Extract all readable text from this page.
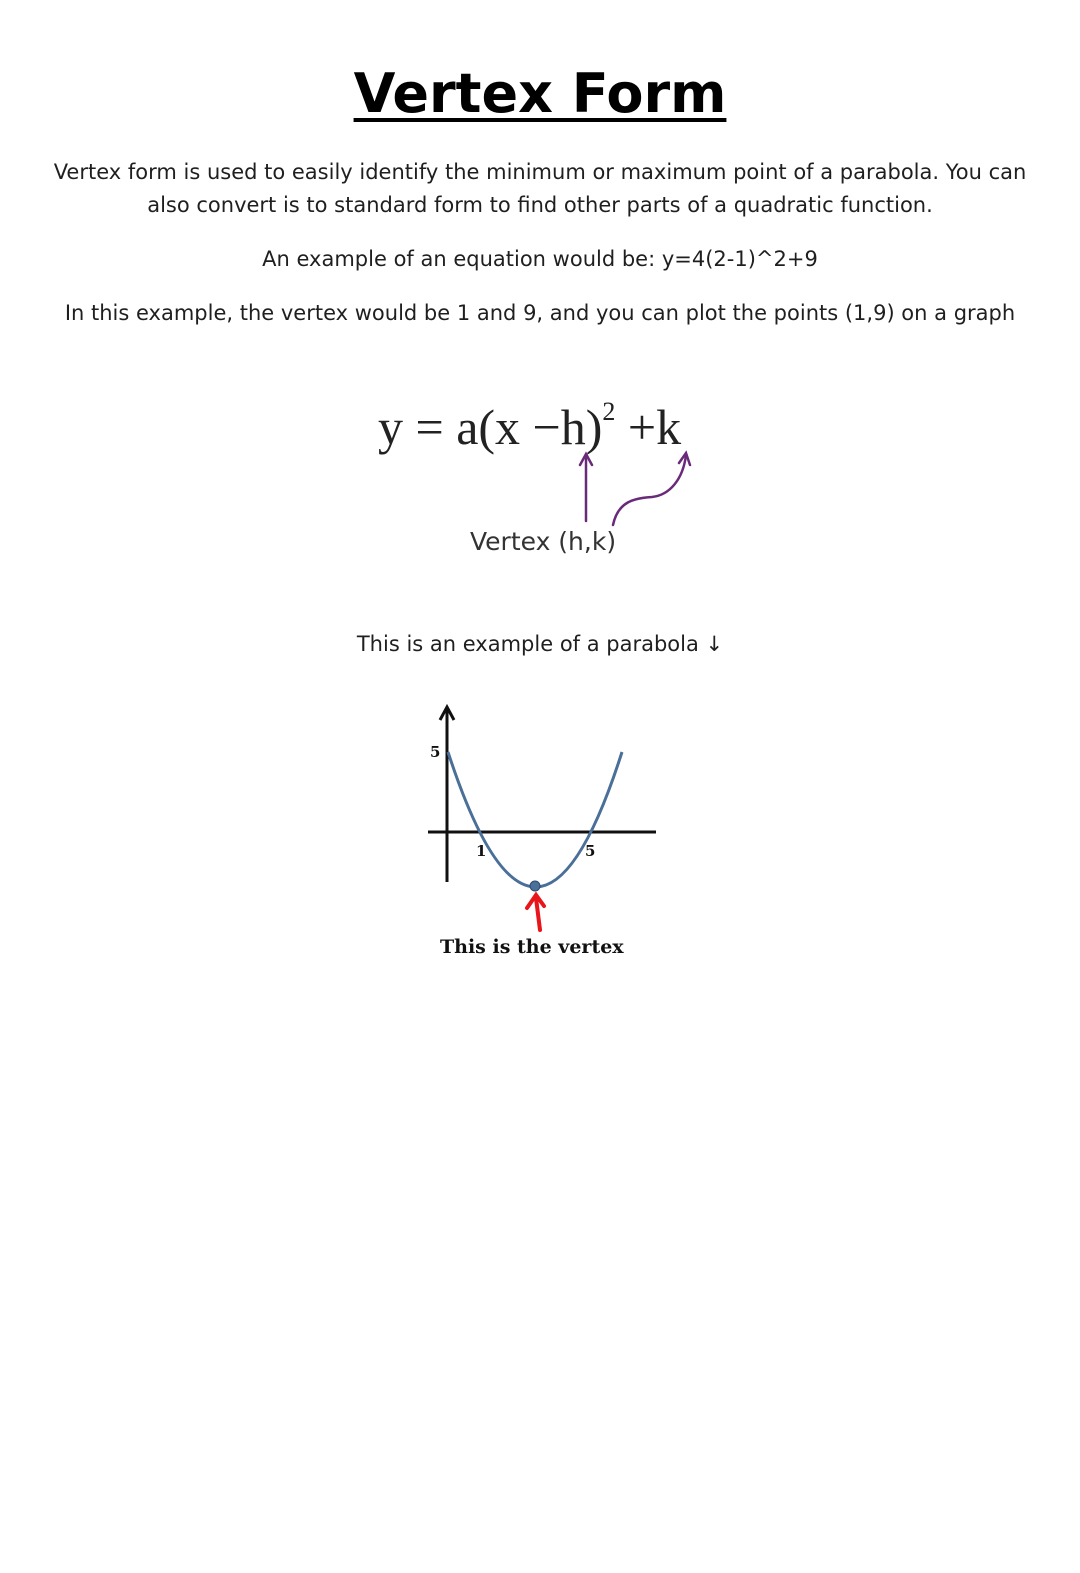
Vertex Form
Vertex form is used to easily identify the minimum or maximum point of a parabola. You can also convert is to standard form to find other parts of a quadratic function.
An example of an equation would be: y=4(2-1)^2+9
In this example, the vertex would be 1 and 9, and you can plot the points (1,9) on a graph
$y = a(x -h)^2 +k$
Vertex (h,k)
This is an example of a parabola ↓
5
1	5
This is the vertex
